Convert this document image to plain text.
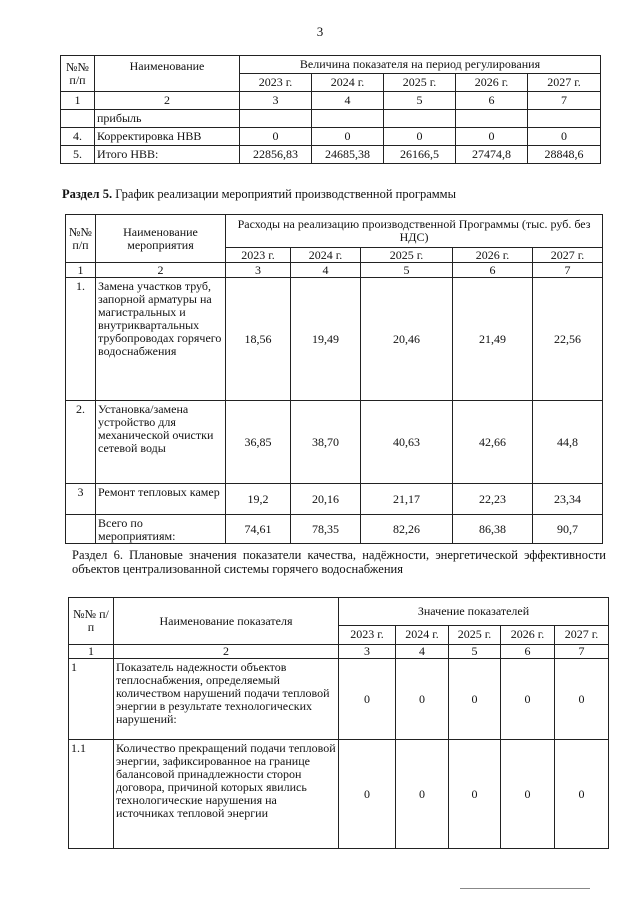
3
№№ п/п	Наименование	Величина показателя на период регулирования				
		2023 г.	2024 г.	2025 г.	2026 г.	2027 г.
1	2	3	4	5	6	7
	прибыль					
4.	Корректировка НВВ	0	0	0	0	0
5.	Итого НВВ:	22856,83	24685,38	26166,5	27474,8	28848,6
Раздел 5. График реализации мероприятий производственной программы
№№ п/п	Наименование мероприятия	Расходы на реализацию производственной Программы (тыс. руб. без НДС)				
		2023 г.	2024 г.	2025 г.	2026 г.	2027 г.
1	2	3	4	5	6	7
1.	Замена участков труб, запорной арматуры на магистральных и внутриквартальных трубопроводах горячего водоснабжения	18,56	19,49	20,46	21,49	22,56
2.	Установка/замена устройство для механической очистки сетевой воды	36,85	38,70	40,63	42,66	44,8
3	Ремонт тепловых камер	19,2	20,16	21,17	22,23	23,34
	Всего по мероприятиям:	74,61	78,35	82,26	86,38	90,7
Раздел 6. Плановые значения показатели качества, надёжности, энергетической эффективности объектов централизованной системы горячего водоснабжения
№№ п/п	Наименование показателя	Значение показателей				
		2023 г.	2024 г.	2025 г.	2026 г.	2027 г.
1	2	3	4	5	6	7
1	Показатель надежности объектов теплоснабжения, определяемый количеством нарушений подачи тепловой энергии в результате технологических нарушений:	0	0	0	0	0
1.1	Количество прекращений подачи тепловой энергии, зафиксированное на границе балансовой принадлежности сторон договора, причиной которых явились технологические нарушения на источниках тепловой энергии	0	0	0	0	0
